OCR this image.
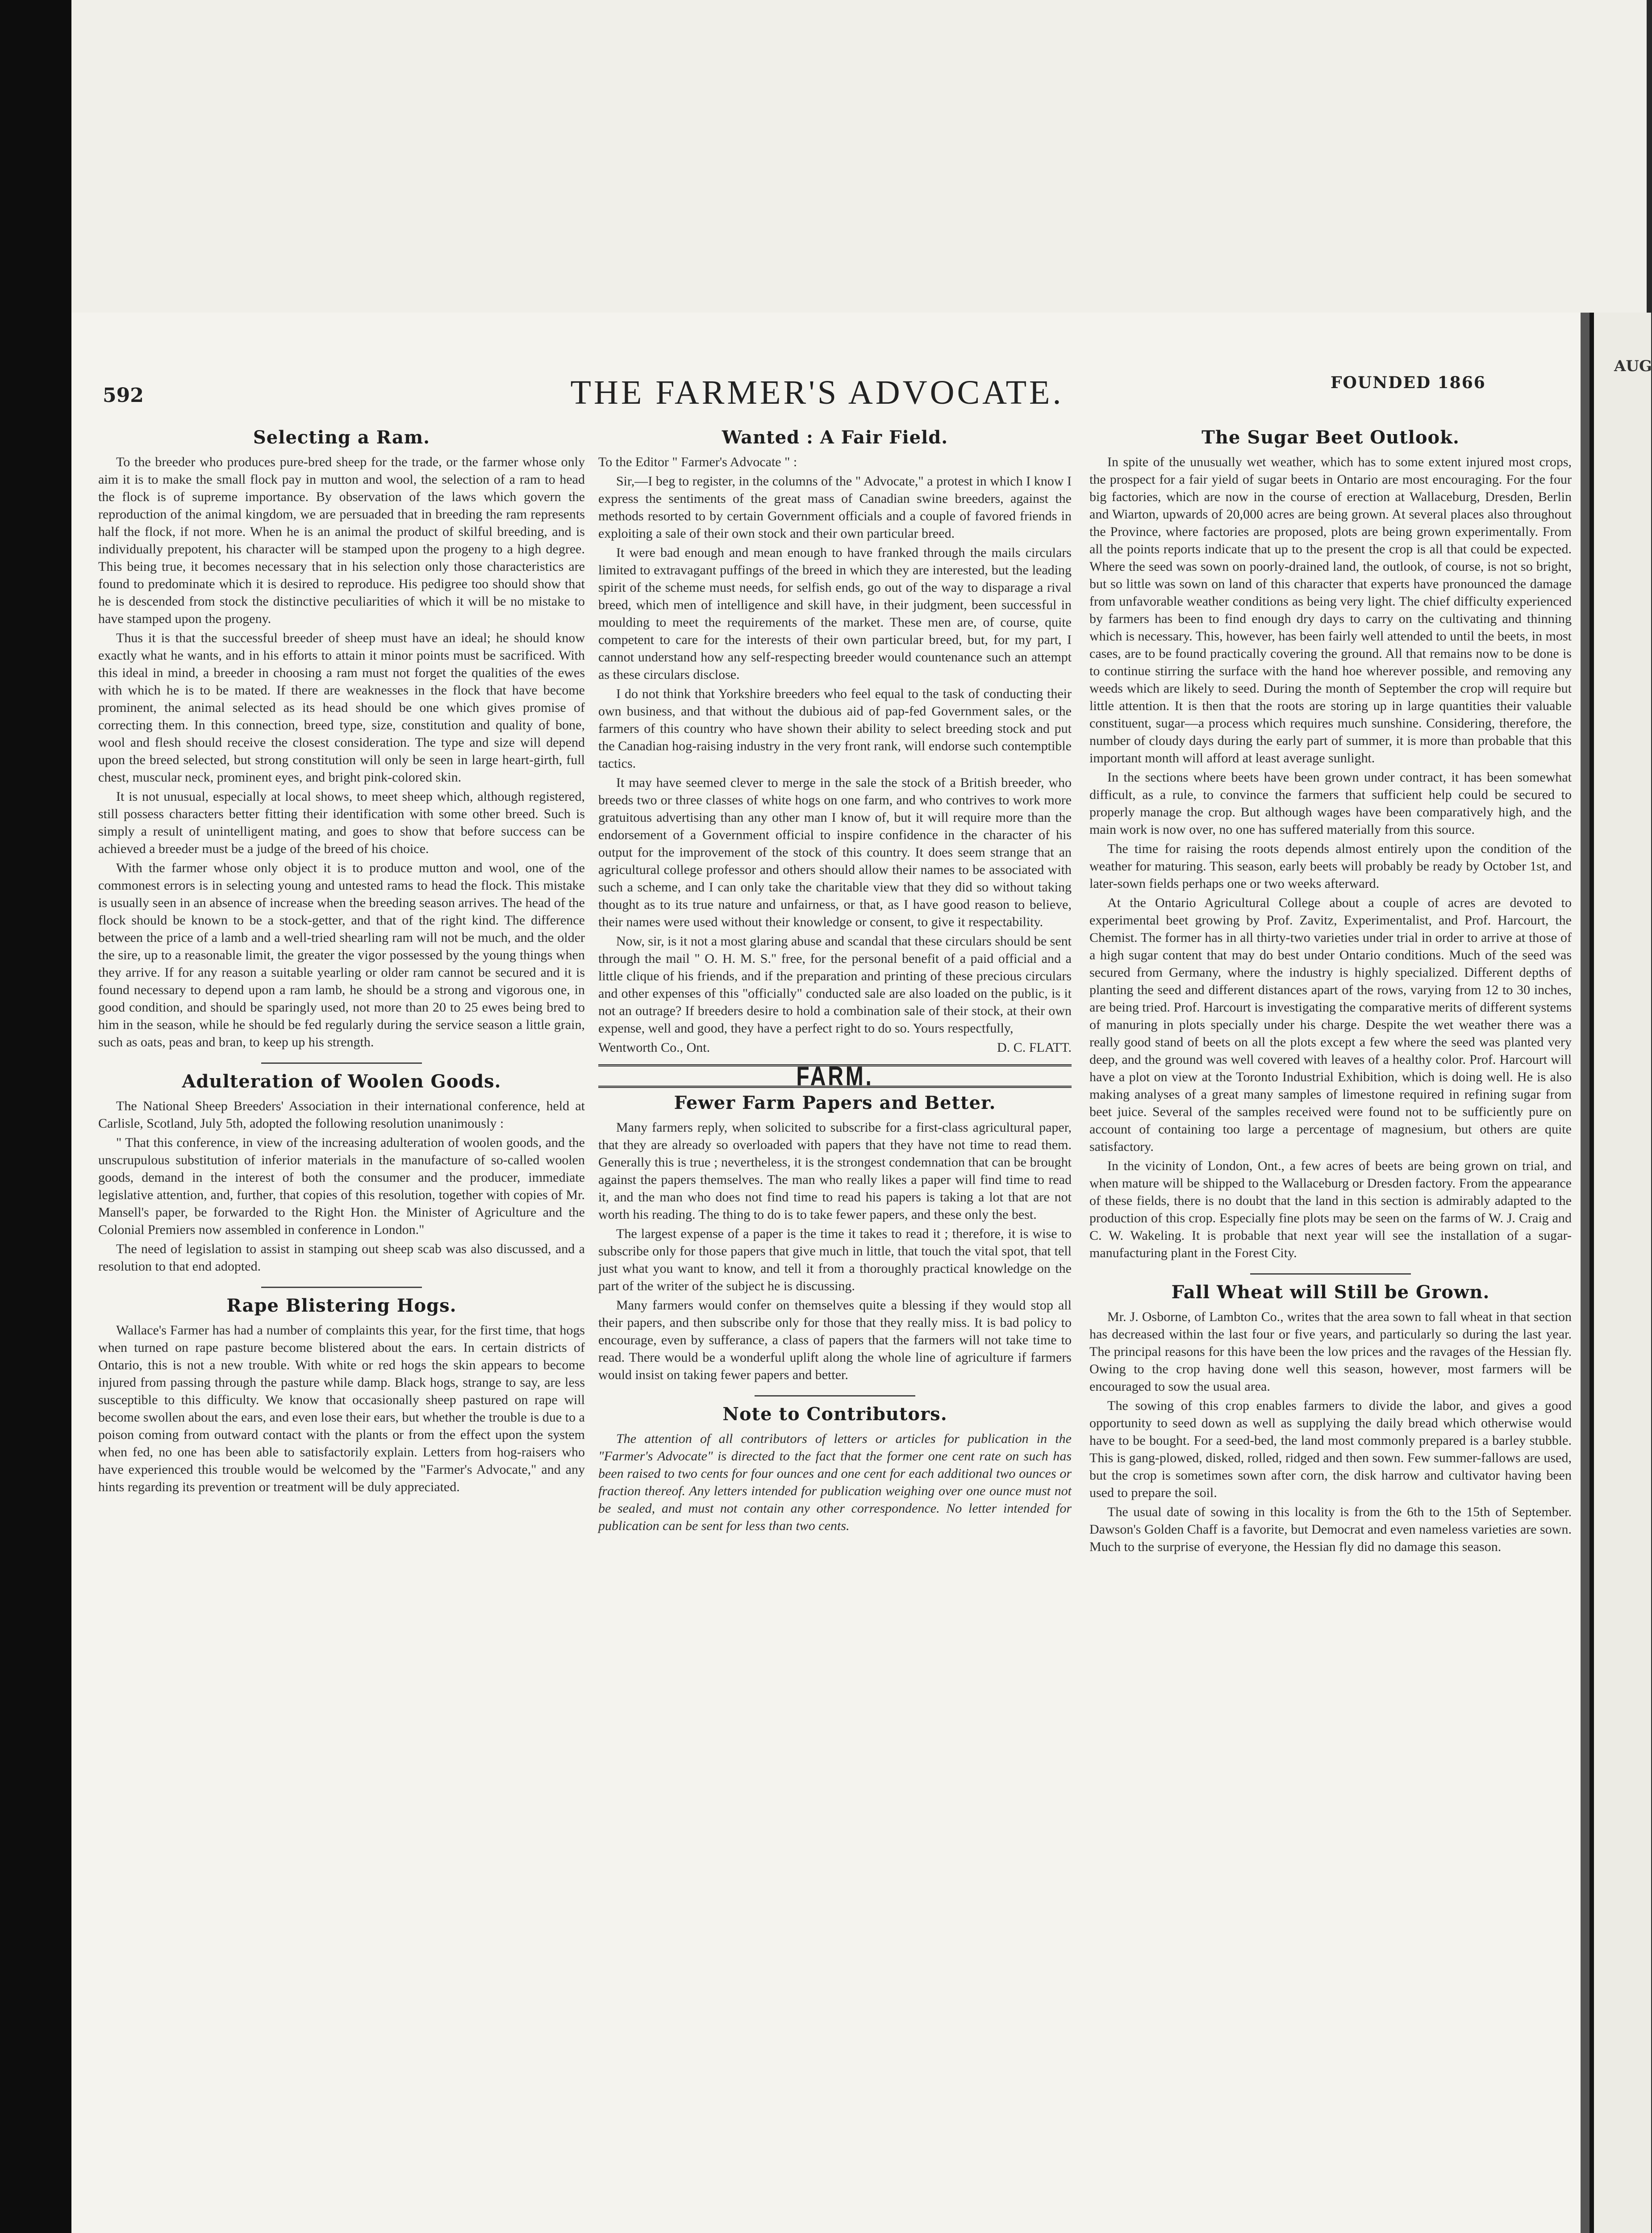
AUG
592	THE FARMER'S ADVOCATE.	FOUNDED 1866
Selecting a Ram.

To the breeder who produces pure-bred sheep for the trade, or the farmer whose only aim it is to make the small flock pay in mutton and wool, the selection of a ram to head the flock is of supreme importance. By observation of the laws which govern the reproduction of the animal kingdom, we are persuaded that in breeding the ram represents half the flock, if not more. When he is an animal the product of skilful breeding, and is individually prepotent, his character will be stamped upon the progeny to a high degree. This being true, it becomes necessary that in his selection only those characteristics are found to predominate which it is desired to reproduce. His pedigree too should show that he is descended from stock the distinctive peculiarities of which it will be no mistake to have stamped upon the progeny.

Thus it is that the successful breeder of sheep must have an ideal; he should know exactly what he wants, and in his efforts to attain it minor points must be sacrificed. With this ideal in mind, a breeder in choosing a ram must not forget the qualities of the ewes with which he is to be mated. If there are weaknesses in the flock that have become prominent, the animal selected as its head should be one which gives promise of correcting them. In this connection, breed type, size, constitution and quality of bone, wool and flesh should receive the closest consideration. The type and size will depend upon the breed selected, but strong constitution will only be seen in large heart-girth, full chest, muscular neck, prominent eyes, and bright pink-colored skin.

It is not unusual, especially at local shows, to meet sheep which, although registered, still possess characters better fitting their identification with some other breed. Such is simply a result of unintelligent mating, and goes to show that before success can be achieved a breeder must be a judge of the breed of his choice.

With the farmer whose only object it is to produce mutton and wool, one of the commonest errors is in selecting young and untested rams to head the flock. This mistake is usually seen in an absence of increase when the breeding season arrives. The head of the flock should be known to be a stock-getter, and that of the right kind. The difference between the price of a lamb and a well-tried shearling ram will not be much, and the older the sire, up to a reasonable limit, the greater the vigor possessed by the young things when they arrive. If for any reason a suitable yearling or older ram cannot be secured and it is found necessary to depend upon a ram lamb, he should be a strong and vigorous one, in good condition, and should be sparingly used, not more than 20 to 25 ewes being bred to him in the season, while he should be fed regularly during the service season a little grain, such as oats, peas and bran, to keep up his strength.

Adulteration of Woolen Goods.

The National Sheep Breeders' Association in their international conference, held at Carlisle, Scotland, July 5th, adopted the following resolution unanimously :

" That this conference, in view of the increasing adulteration of woolen goods, and the unscrupulous substitution of inferior materials in the manufacture of so-called woolen goods, demand in the interest of both the consumer and the producer, immediate legislative attention, and, further, that copies of this resolution, together with copies of Mr. Mansell's paper, be forwarded to the Right Hon. the Minister of Agriculture and the Colonial Premiers now assembled in conference in London."

The need of legislation to assist in stamping out sheep scab was also discussed, and a resolution to that end adopted.

Rape Blistering Hogs.

Wallace's Farmer has had a number of complaints this year, for the first time, that hogs when turned on rape pasture become blistered about the ears. In certain districts of Ontario, this is not a new trouble. With white or red hogs the skin appears to become injured from passing through the pasture while damp. Black hogs, strange to say, are less susceptible to this difficulty. We know that occasionally sheep pastured on rape will become swollen about the ears, and even lose their ears, but whether the trouble is due to a poison coming from outward contact with the plants or from the effect upon the system when fed, no one has been able to satisfactorily explain. Letters from hog-raisers who have experienced this trouble would be welcomed by the "Farmer's Advocate," and any hints regarding its prevention or treatment will be duly appreciated.

Wanted : A Fair Field.

To the Editor " Farmer's Advocate " :

Sir,—I beg to register, in the columns of the " Advocate," a protest in which I know I express the sentiments of the great mass of Canadian swine breeders, against the methods resorted to by certain Government officials and a couple of favored friends in exploiting a sale of their own stock and their own particular breed.

It were bad enough and mean enough to have franked through the mails circulars limited to extravagant puffings of the breed in which they are interested, but the leading spirit of the scheme must needs, for selfish ends, go out of the way to disparage a rival breed, which men of intelligence and skill have, in their judgment, been successful in moulding to meet the requirements of the market. These men are, of course, quite competent to care for the interests of their own particular breed, but, for my part, I cannot understand how any self-respecting breeder would countenance such an attempt as these circulars disclose.

I do not think that Yorkshire breeders who feel equal to the task of conducting their own business, and that without the dubious aid of pap-fed Government sales, or the farmers of this country who have shown their ability to select breeding stock and put the Canadian hog-raising industry in the very front rank, will endorse such contemptible tactics.

It may have seemed clever to merge in the sale the stock of a British breeder, who breeds two or three classes of white hogs on one farm, and who contrives to work more gratuitous advertising than any other man I know of, but it will require more than the endorsement of a Government official to inspire confidence in the character of his output for the improvement of the stock of this country. It does seem strange that an agricultural college professor and others should allow their names to be associated with such a scheme, and I can only take the charitable view that they did so without taking thought as to its true nature and unfairness, or that, as I have good reason to believe, their names were used without their knowledge or consent, to give it respectability.

Now, sir, is it not a most glaring abuse and scandal that these circulars should be sent through the mail " O. H. M. S." free, for the personal benefit of a paid official and a little clique of his friends, and if the preparation and printing of these precious circulars and other expenses of this "officially" conducted sale are also loaded on the public, is it not an outrage? If breeders desire to hold a combination sale of their stock, at their own expense, well and good, they have a perfect right to do so. Yours respectfully,

Wentworth Co., Ont.	D. C. FLATT.

FARM.
Fewer Farm Papers and Better.

Many farmers reply, when solicited to subscribe for a first-class agricultural paper, that they are already so overloaded with papers that they have not time to read them. Generally this is true ; nevertheless, it is the strongest condemnation that can be brought against the papers themselves. The man who really likes a paper will find time to read it, and the man who does not find time to read his papers is taking a lot that are not worth his reading. The thing to do is to take fewer papers, and these only the best.

The largest expense of a paper is the time it takes to read it ; therefore, it is wise to subscribe only for those papers that give much in little, that touch the vital spot, that tell just what you want to know, and tell it from a thoroughly practical knowledge on the part of the writer of the subject he is discussing.

Many farmers would confer on themselves quite a blessing if they would stop all their papers, and then subscribe only for those that they really miss. It is bad policy to encourage, even by sufferance, a class of papers that the farmers will not take time to read. There would be a wonderful uplift along the whole line of agriculture if farmers would insist on taking fewer papers and better.

Note to Contributors.

The attention of all contributors of letters or articles for publication in the "Farmer's Advocate" is directed to the fact that the former one cent rate on such has been raised to two cents for four ounces and one cent for each additional two ounces or fraction thereof. Any letters intended for publication weighing over one ounce must not be sealed, and must not contain any other correspondence. No letter intended for publication can be sent for less than two cents.

The Sugar Beet Outlook.

In spite of the unusually wet weather, which has to some extent injured most crops, the prospect for a fair yield of sugar beets in Ontario are most encouraging. For the four big factories, which are now in the course of erection at Wallaceburg, Dresden, Berlin and Wiarton, upwards of 20,000 acres are being grown. At several places also throughout the Province, where factories are proposed, plots are being grown experimentally. From all the points reports indicate that up to the present the crop is all that could be expected. Where the seed was sown on poorly-drained land, the outlook, of course, is not so bright, but so little was sown on land of this character that experts have pronounced the damage from unfavorable weather conditions as being very light. The chief difficulty experienced by farmers has been to find enough dry days to carry on the cultivating and thinning which is necessary. This, however, has been fairly well attended to until the beets, in most cases, are to be found practically covering the ground. All that remains now to be done is to continue stirring the surface with the hand hoe wherever possible, and removing any weeds which are likely to seed. During the month of September the crop will require but little attention. It is then that the roots are storing up in large quantities their valuable constituent, sugar—a process which requires much sunshine. Considering, therefore, the number of cloudy days during the early part of summer, it is more than probable that this important month will afford at least average sunlight.

In the sections where beets have been grown under contract, it has been somewhat difficult, as a rule, to convince the farmers that sufficient help could be secured to properly manage the crop. But although wages have been comparatively high, and the main work is now over, no one has suffered materially from this source.

The time for raising the roots depends almost entirely upon the condition of the weather for maturing. This season, early beets will probably be ready by October 1st, and later-sown fields perhaps one or two weeks afterward.

At the Ontario Agricultural College about a couple of acres are devoted to experimental beet growing by Prof. Zavitz, Experimentalist, and Prof. Harcourt, the Chemist. The former has in all thirty-two varieties under trial in order to arrive at those of a high sugar content that may do best under Ontario conditions. Much of the seed was secured from Germany, where the industry is highly specialized. Different depths of planting the seed and different distances apart of the rows, varying from 12 to 30 inches, are being tried. Prof. Harcourt is investigating the comparative merits of different systems of manuring in plots specially under his charge. Despite the wet weather there was a really good stand of beets on all the plots except a few where the seed was planted very deep, and the ground was well covered with leaves of a healthy color. Prof. Harcourt will have a plot on view at the Toronto Industrial Exhibition, which is doing well. He is also making analyses of a great many samples of limestone required in refining sugar from beet juice. Several of the samples received were found not to be sufficiently pure on account of containing too large a percentage of magnesium, but others are quite satisfactory.

In the vicinity of London, Ont., a few acres of beets are being grown on trial, and when mature will be shipped to the Wallaceburg or Dresden factory. From the appearance of these fields, there is no doubt that the land in this section is admirably adapted to the production of this crop. Especially fine plots may be seen on the farms of W. J. Craig and C. W. Wakeling. It is probable that next year will see the installation of a sugar-manufacturing plant in the Forest City.

Fall Wheat will Still be Grown.

Mr. J. Osborne, of Lambton Co., writes that the area sown to fall wheat in that section has decreased within the last four or five years, and particularly so during the last year. The principal reasons for this have been the low prices and the ravages of the Hessian fly. Owing to the crop having done well this season, however, most farmers will be encouraged to sow the usual area.

The sowing of this crop enables farmers to divide the labor, and gives a good opportunity to seed down as well as supplying the daily bread which otherwise would have to be bought. For a seed-bed, the land most commonly prepared is a barley stubble. This is gang-plowed, disked, rolled, ridged and then sown. Few summer-fallows are used, but the crop is sometimes sown after corn, the disk harrow and cultivator having been used to prepare the soil.

The usual date of sowing in this locality is from the 6th to the 15th of September. Dawson's Golden Chaff is a favorite, but Democrat and even nameless varieties are sown. Much to the surprise of everyone, the Hessian fly did no damage this season.
